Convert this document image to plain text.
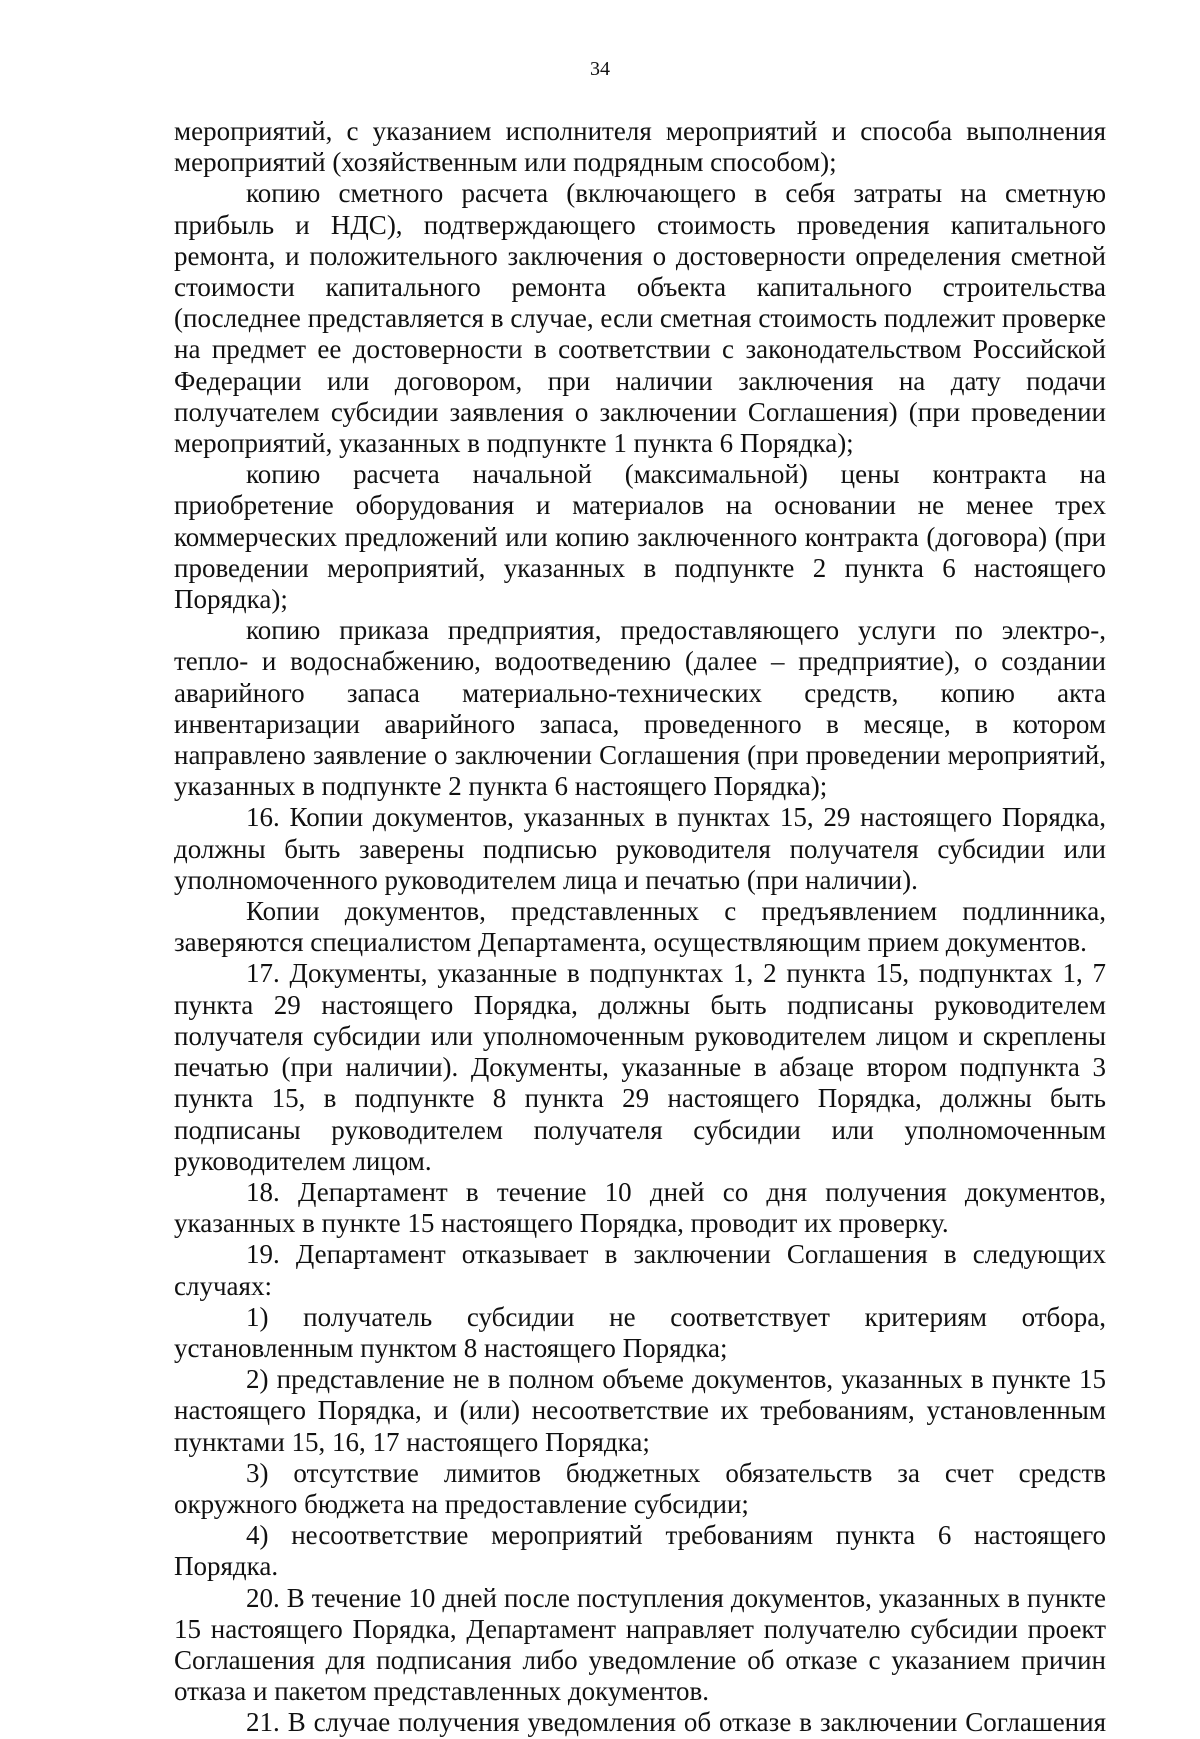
34

мероприятий, с указанием исполнителя мероприятий и способа выполнения мероприятий (хозяйственным или подрядным способом);

копию сметного расчета (включающего в себя затраты на сметную прибыль и НДС), подтверждающего стоимость проведения капитального ремонта, и положительного заключения о достоверности определения сметной стоимости капитального ремонта объекта капитального строительства (последнее представляется в случае, если сметная стоимость подлежит проверке на предмет ее достоверности в соответствии с законодательством Российской Федерации или договором, при наличии заключения на дату подачи получателем субсидии заявления о заключении Соглашения) (при проведении мероприятий, указанных в подпункте 1 пункта 6 Порядка);

копию расчета начальной (максимальной) цены контракта на приобретение оборудования и материалов на основании не менее трех коммерческих предложений или копию заключенного контракта (договора) (при проведении мероприятий, указанных в подпункте 2 пункта 6 настоящего Порядка);

копию приказа предприятия, предоставляющего услуги по электро-, тепло- и водоснабжению, водоотведению (далее – предприятие), о создании аварийного запаса материально-технических средств, копию акта инвентаризации аварийного запаса, проведенного в месяце, в котором направлено заявление о заключении Соглашения (при проведении мероприятий, указанных в подпункте 2 пункта 6 настоящего Порядка);

16. Копии документов, указанных в пунктах 15, 29 настоящего Порядка, должны быть заверены подписью руководителя получателя субсидии или уполномоченного руководителем лица и печатью (при наличии).

Копии документов, представленных с предъявлением подлинника, заверяются специалистом Департамента, осуществляющим прием документов.

17. Документы, указанные в подпунктах 1, 2 пункта 15, подпунктах 1, 7 пункта 29 настоящего Порядка, должны быть подписаны руководителем получателя субсидии или уполномоченным руководителем лицом и скреплены печатью (при наличии). Документы, указанные в абзаце втором подпункта 3 пункта 15, в подпункте 8 пункта 29 настоящего Порядка, должны быть подписаны руководителем получателя субсидии или уполномоченным руководителем лицом.

18. Департамент в течение 10 дней со дня получения документов, указанных в пункте 15 настоящего Порядка, проводит их проверку.

19. Департамент отказывает в заключении Соглашения в следующих случаях:

1) получатель субсидии не соответствует критериям отбора, установленным пунктом 8 настоящего Порядка;

2) представление не в полном объеме документов, указанных в пункте 15 настоящего Порядка, и (или) несоответствие их требованиям, установленным пунктами 15, 16, 17 настоящего Порядка;

3) отсутствие лимитов бюджетных обязательств за счет средств окружного бюджета на предоставление субсидии;

4) несоответствие мероприятий требованиям пункта 6 настоящего Порядка.

20. В течение 10 дней после поступления документов, указанных в пункте 15 настоящего Порядка, Департамент направляет получателю субсидии проект Соглашения для подписания либо уведомление об отказе с указанием причин отказа и пакетом представленных документов.

21. В случае получения уведомления об отказе в заключении Соглашения
